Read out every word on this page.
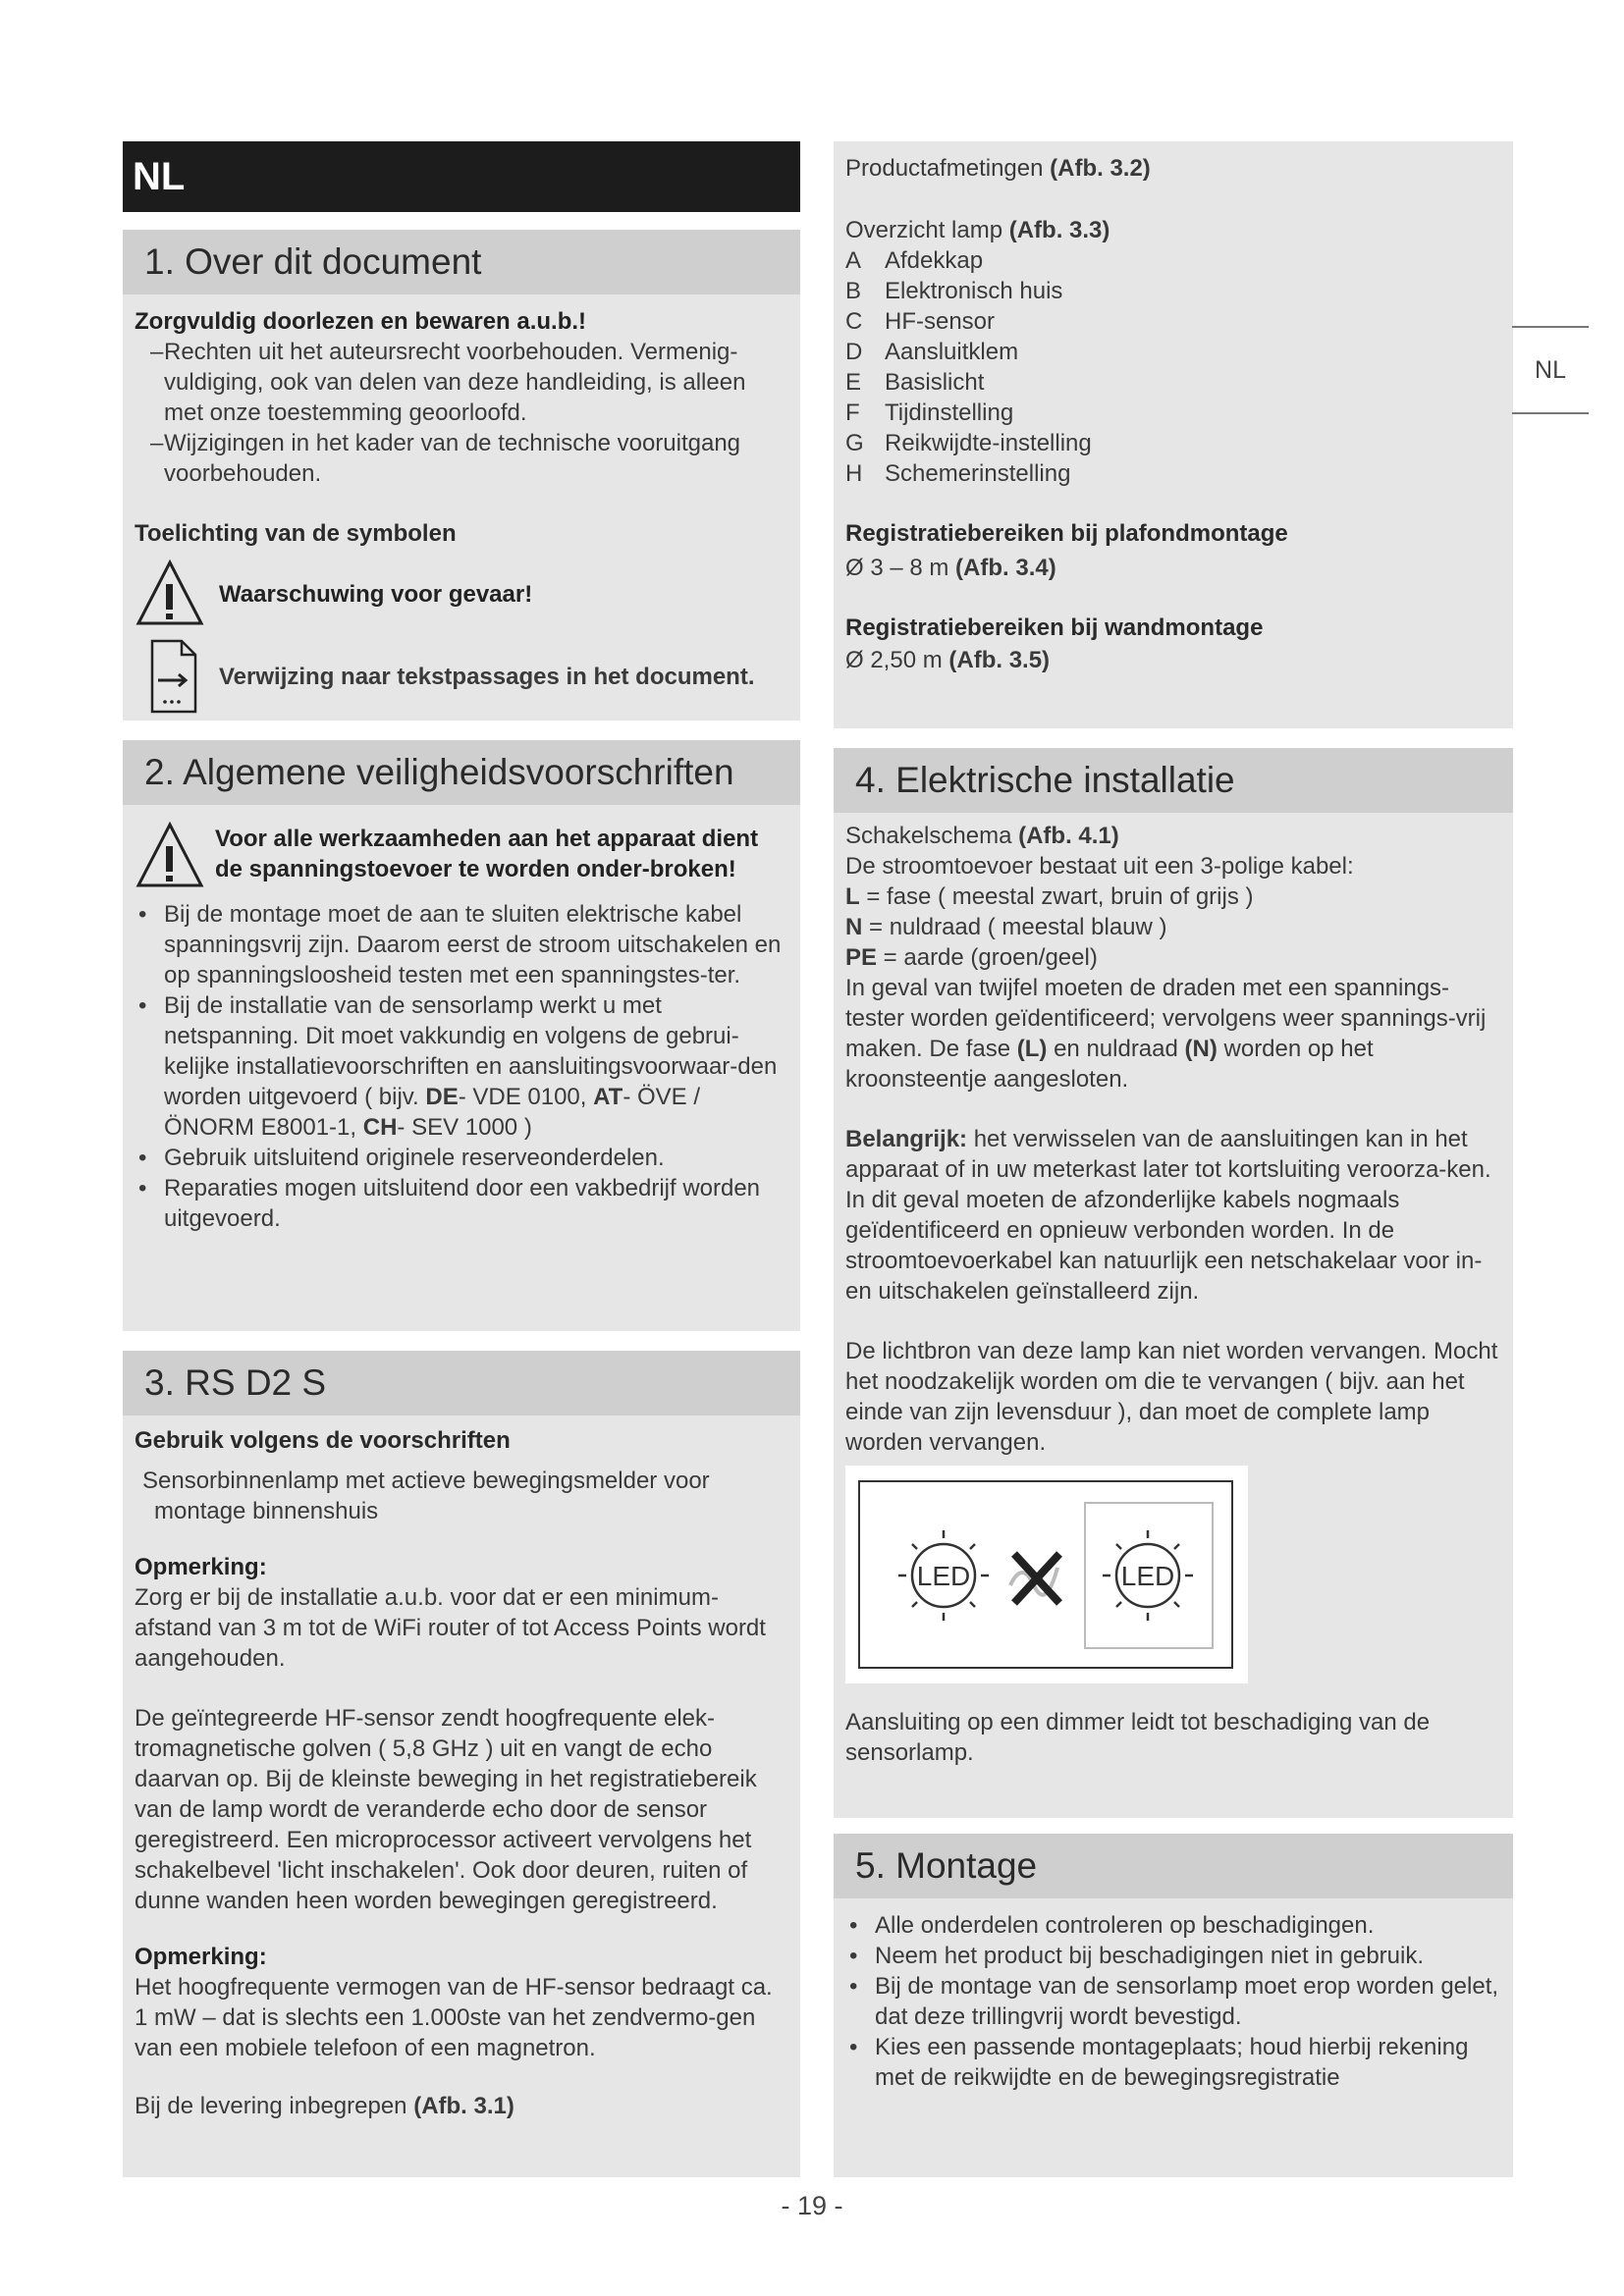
NL
1. Over dit document

Zorgvuldig doorlezen en bewaren a.u.b.!

– Rechten uit het auteursrecht voorbehouden. Vermenig-vuldiging, ook van delen van deze handleiding, is alleen met onze toestemming geoorloofd.
– Wijzigingen in het kader van de technische vooruitgang voorbehouden.

Toelichting van de symbolen

Waarschuwing voor gevaar!
Verwijzing naar tekstpassages in het document.
2. Algemene veiligheidsvoorschriften
Voor alle werkzaamheden aan het apparaat dient de spanningstoevoer te worden onder-broken!
• Bij de montage moet de aan te sluiten elektrische kabel spanningsvrij zijn. Daarom eerst de stroom uitschakelen en op spanningsloosheid testen met een spanningstes-ter.
• Bij de installatie van de sensorlamp werkt u met netspanning. Dit moet vakkundig en volgens de gebrui-kelijke installatievoorschriften en aansluitingsvoorwaar-den worden uitgevoerd ( bijv. DE- VDE 0100, AT- ÖVE / ÖNORM E8001-1, CH- SEV 1000 )
• Gebruik uitsluitend originele reserveonderdelen.
• Reparaties mogen uitsluitend door een vakbedrijf worden uitgevoerd.
3. RS D2 S

Gebruik volgens de voorschriften

Sensorbinnenlamp met actieve bewegingsmelder voor montage binnenshuis

Opmerking:

Zorg er bij de installatie a.u.b. voor dat er een minimum-afstand van 3 m tot de WiFi router of tot Access Points wordt aangehouden.

De geïntegreerde HF-sensor zendt hoogfrequente elek-tromagnetische golven ( 5,8 GHz ) uit en vangt de echo daarvan op. Bij de kleinste beweging in het registratiebereik van de lamp wordt de veranderde echo door de sensor geregistreerd. Een microprocessor activeert vervolgens het schakelbevel 'licht inschakelen'. Ook door deuren, ruiten of dunne wanden heen worden bewegingen geregistreerd.

Opmerking:

Het hoogfrequente vermogen van de HF-sensor bedraagt ca. 1 mW – dat is slechts een 1.000ste van het zendvermo-gen van een mobiele telefoon of een magnetron.

Bij de levering inbegrepen (Afb. 3.1)

Productafmetingen (Afb. 3.2)

Overzicht lamp (Afb. 3.3)

A Afdekkap
B Elektronisch huis
C HF-sensor
D Aansluitklem
E Basislicht
F	Tijdinstelling
G Reikwijdte-instelling
H Schemerinstelling

Registratiebereiken bij plafondmontage

Ø 3 – 8 m (Afb. 3.4)

Registratiebereiken bij wandmontage

Ø 2,50 m (Afb. 3.5)

4. Elektrische installatie

Schakelschema (Afb. 4.1)

De stroomtoevoer bestaat uit een 3-polige kabel:

L = fase ( meestal zwart, bruin of grijs )

N = nuldraad ( meestal blauw )

PE = aarde (groen/geel)

In geval van twijfel moeten de draden met een spannings-tester worden geïdentificeerd; vervolgens weer spannings-vrij maken. De fase (L) en nuldraad (N) worden op het kroonsteentje aangesloten.

Belangrijk: het verwisselen van de aansluitingen kan in het apparaat of in uw meterkast later tot kortsluiting veroorza-ken. In dit geval moeten de afzonderlijke kabels nogmaals geïdentificeerd en opnieuw verbonden worden. In de stroomtoevoerkabel kan natuurlijk een netschakelaar voor in- en uitschakelen geïnstalleerd zijn.

De lichtbron van deze lamp kan niet worden vervangen. Mocht het noodzakelijk worden om die te vervangen ( bijv. aan het einde van zijn levensduur ), dan moet de complete lamp worden vervangen.

LED	LED

Aansluiting op een dimmer leidt tot beschadiging van de sensorlamp.

5. Montage
• Alle onderdelen controleren op beschadigingen.
• Neem het product bij beschadigingen niet in gebruik.
• Bij de montage van de sensorlamp moet erop worden gelet, dat deze trillingvrij wordt bevestigd.
• Kies een passende montageplaats; houd hierbij rekening met de reikwijdte en de bewegingsregistratie
NL
- 19 -
